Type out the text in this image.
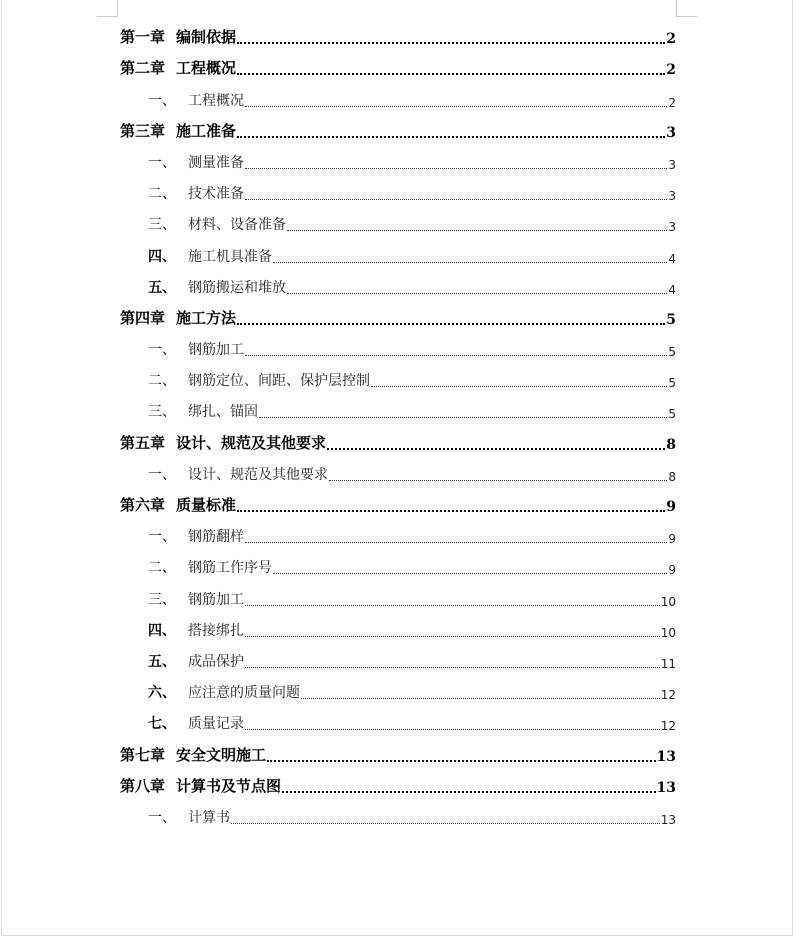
第一章 编制依据	2
第二章 工程概况	2
一、 工程概况	2
第三章 施工准备	3
一、 测量准备	3
二、 技术准备	3
三、 材料、设备准备	3
四、 施工机具准备	4
五、 钢筋搬运和堆放	4
第四章 施工方法	5
一、 钢筋加工	5
二、 钢筋定位、间距、保护层控制	5
三、 绑扎、锚固	5
第五章 设计、规范及其他要求	8
一、 设计、规范及其他要求	8
第六章 质量标准	9
一、 钢筋翻样	9
二、 钢筋工作序号	9
三、 钢筋加工	10
四、 搭接绑扎	10
五、 成品保护	11
六、 应注意的质量问题	12
七、 质量记录	12
第七章 安全文明施工	13
第八章 计算书及节点图	13
一、 计算书	13
